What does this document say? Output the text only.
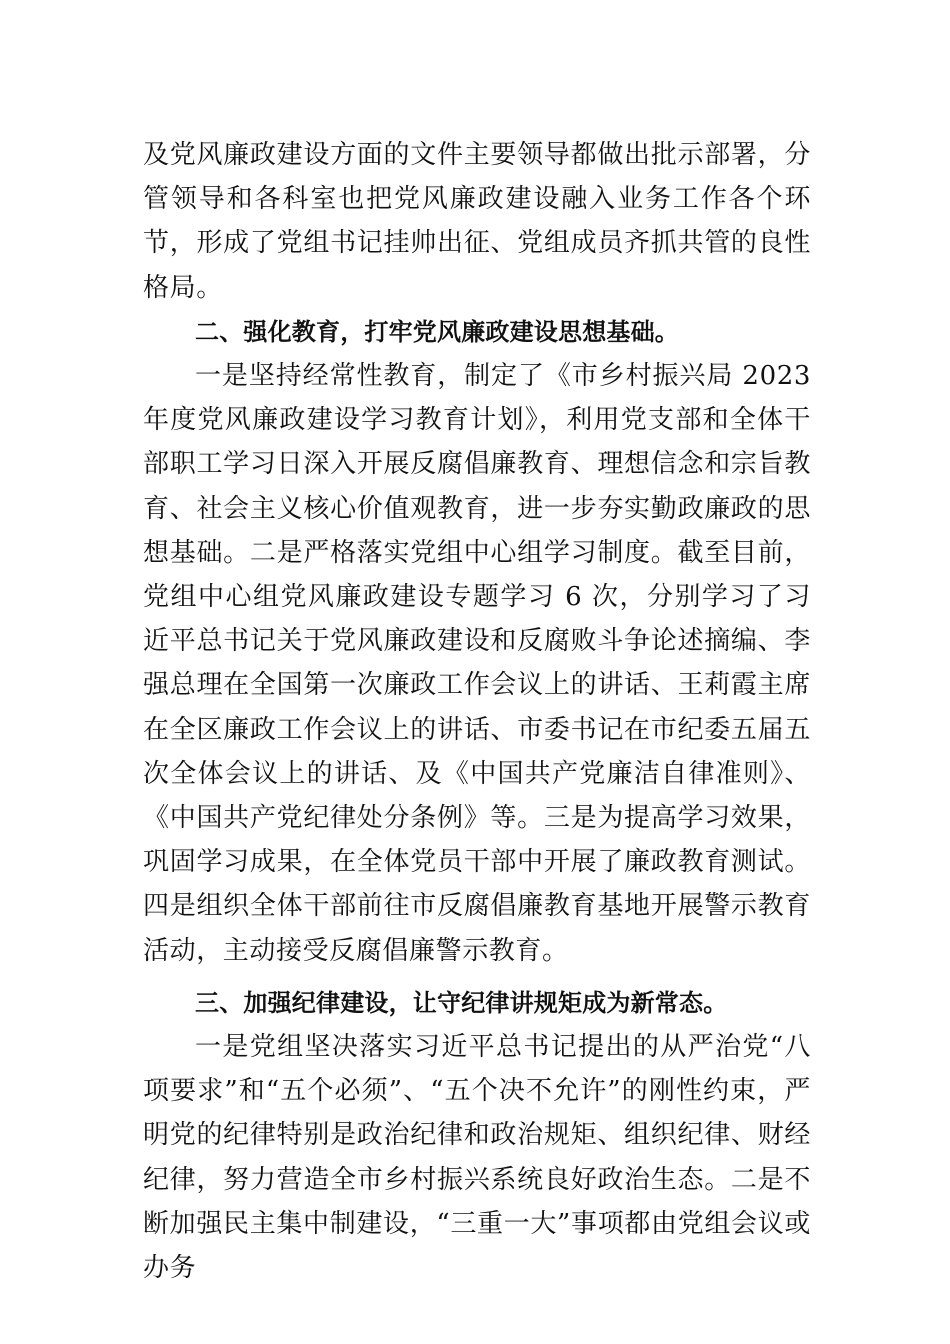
及党风廉政建设方面的文件主要领导都做出批示部署，分管领导和各科室也把党风廉政建设融入业务工作各个环节，形成了党组书记挂帅出征、党组成员齐抓共管的良性格局。

二、强化教育，打牢党风廉政建设思想基础。

一是坚持经常性教育，制定了《市乡村振兴局 2023 年度党风廉政建设学习教育计划》，利用党支部和全体干部职工学习日深入开展反腐倡廉教育、理想信念和宗旨教育、社会主义核心价值观教育，进一步夯实勤政廉政的思想基础。二是严格落实党组中心组学习制度。截至目前，党组中心组党风廉政建设专题学习 6 次，分别学习了习近平总书记关于党风廉政建设和反腐败斗争论述摘编、李强总理在全国第一次廉政工作会议上的讲话、王莉霞主席在全区廉政工作会议上的讲话、市委书记在市纪委五届五次全体会议上的讲话、及《中国共产党廉洁自律准则》、《中国共产党纪律处分条例》等。三是为提高学习效果，巩固学习成果，在全体党员干部中开展了廉政教育测试。四是组织全体干部前往市反腐倡廉教育基地开展警示教育活动，主动接受反腐倡廉警示教育。

三、加强纪律建设，让守纪律讲规矩成为新常态。

一是党组坚决落实习近平总书记提出的从严治党“八项要求”和“五个必须”、“五个决不允许”的刚性约束，严明党的纪律特别是政治纪律和政治规矩、组织纪律、财经纪律，努力营造全市乡村振兴系统良好政治生态。二是不断加强民主集中制建设，“三重一大”事项都由党组会议或办务
